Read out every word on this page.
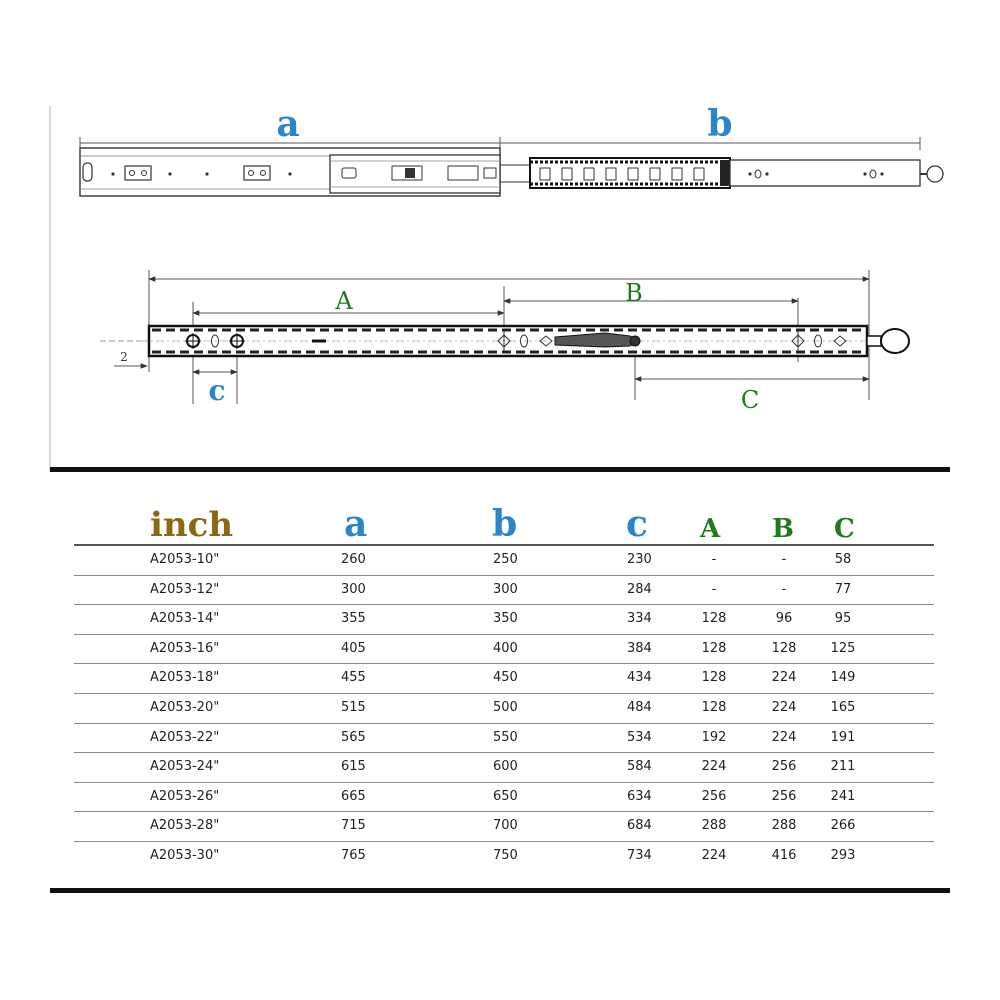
a	b
A	B
C
c
2
inch	a	b	c A B C
A2053-10"	260	250	230	-	-	58
A2053-12"	300	300	284	-	-	77
A2053-14"	355	350	334	128	96	95
A2053-16"	405	400	384	128	128	125
A2053-18"	455	450	434	128	224	149
A2053-20"	515	500	484	128	224	165
A2053-22"	565	550	534	192	224	191
A2053-24"	615	600	584	224	256	211
A2053-26"	665	650	634	256	256	241
A2053-28"	715	700	684	288	288	266
A2053-30"	765	750	734	224	416	293
